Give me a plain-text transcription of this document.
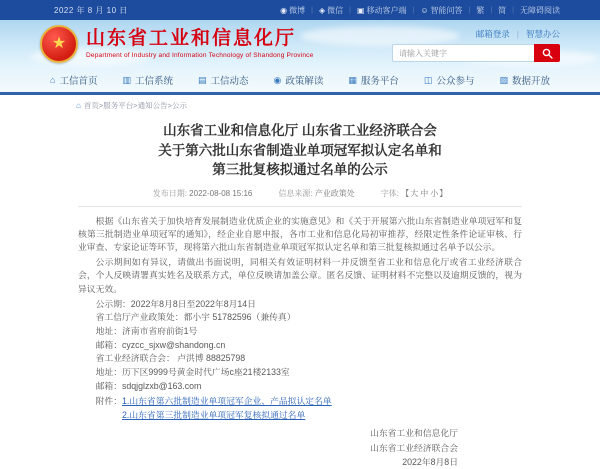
2022 年 8 月 10 日	◉ 微博 | ◈ 微信 | ▣ 移动客户端 | ☺ 智能问答 | 繁 | 简 | 无障碍阅读
★ 山东省工业和信息化厅
Department of Industry and Information Technology of Shandong Province
邮箱登录 | 智慧办公
请输入关键字
⌂ 工信首页	▥ 工信系统	▤ 工信动态	◉ 政策解读	▦ 服务平台	◫ 公众参与	▧ 数据开放
⌂ 首页>服务平台>通知公告>公示
山东省工业和信息化厅 山东省工业经济联合会
关于第六批山东省制造业单项冠军拟认定名单和
第三批复核拟通过名单的公示
发布日期: 2022-08-08 15:16	信息来源: 产业政策处	字体: 【大 中 小】

根据《山东省关于加快培育发展制造业优质企业的实施意见》和《关于开展第六批山东省制造业单项冠军和复核第三批制造业单项冠军的通知》，经企业自愿申报，各市工业和信息化局初审推荐，经限定性条件论证审核、行业审查、专家论证等环节，现将第六批山东省制造业单项冠军拟认定名单和第三批复核拟通过名单予以公示。

公示期间如有异议，请做出书面说明，同相关有效证明材料一并反馈至省工业和信息化厅或省工业经济联合会，个人反映请署真实姓名及联系方式，单位反映请加盖公章。匿名反馈、证明材料不完整以及逾期反馈的，视为异议无效。

公示期：2022年8月8日至2022年8月14日
省工信厅产业政策处：都小宇 51782596（兼传真）
地址：济南市省府前街1号
邮箱：cyzcc_sjxw@shandong.cn
省工业经济联合会： 卢洪博 88825798
地址：历下区9999号黄金时代广场c座21楼2133室
邮箱：sdqjglzxb@163.com
附件： 1.山东省第六批制造业单项冠军企业、产品拟认定名单
2.山东省第三批制造业单项冠军复核拟通过名单
山东省工业和信息化厅
山东省工业经济联合会
2022年8月8日
